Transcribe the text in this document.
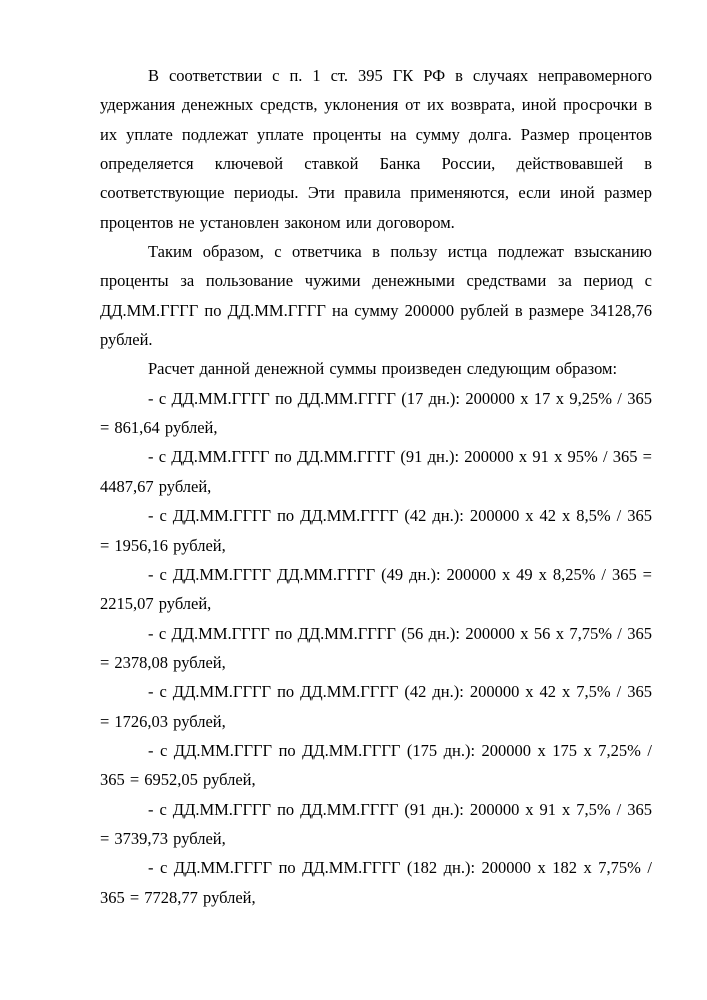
В соответствии с п. 1 ст. 395 ГК РФ в случаях неправомерного удержания денежных средств, уклонения от их возврата, иной просрочки в их уплате подлежат уплате проценты на сумму долга. Размер процентов определяется ключевой ставкой Банка России, действовавшей в соответствующие периоды. Эти правила применяются, если иной размер процентов не установлен законом или договором.

Таким образом, с ответчика в пользу истца подлежат взысканию проценты за пользование чужими денежными средствами за период с ДД.ММ.ГГГГ по ДД.ММ.ГГГГ на сумму 200000 рублей в размере 34128,76 рублей.

Расчет данной денежной суммы произведен следующим образом:

- с ДД.ММ.ГГГГ по ДД.ММ.ГГГГ (17 дн.): 200000 х 17 х 9,25% / 365 = 861,64 рублей,

- с ДД.ММ.ГГГГ по ДД.ММ.ГГГГ (91 дн.): 200000 х 91 х 95% / 365 = 4487,67 рублей,

- с ДД.ММ.ГГГГ по ДД.ММ.ГГГГ (42 дн.): 200000 х 42 х 8,5% / 365 = 1956,16 рублей,

- с ДД.ММ.ГГГГ ДД.ММ.ГГГГ (49 дн.): 200000 х 49 х 8,25% / 365 = 2215,07 рублей,

- с ДД.ММ.ГГГГ по ДД.ММ.ГГГГ (56 дн.): 200000 х 56 х 7,75% / 365 = 2378,08 рублей,

- с ДД.ММ.ГГГГ по ДД.ММ.ГГГГ (42 дн.): 200000 х 42 х 7,5% / 365 = 1726,03 рублей,

- с ДД.ММ.ГГГГ по ДД.ММ.ГГГГ (175 дн.): 200000 х 175 х 7,25% / 365 = 6952,05 рублей,

- с ДД.ММ.ГГГГ по ДД.ММ.ГГГГ (91 дн.): 200000 х 91 х 7,5% / 365 = 3739,73 рублей,

- с ДД.ММ.ГГГГ по ДД.ММ.ГГГГ (182 дн.): 200000 х 182 х 7,75% / 365 = 7728,77 рублей,
